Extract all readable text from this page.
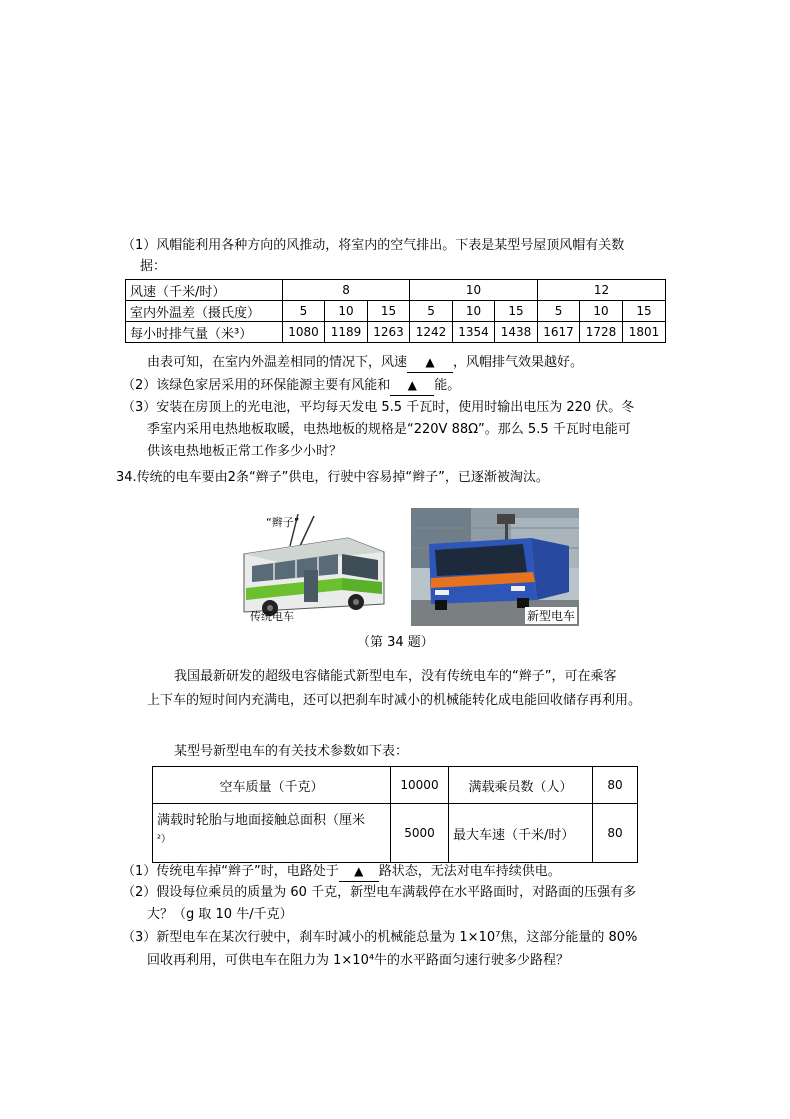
（1）风帽能利用各种方向的风推动，将室内的空气排出。下表是某型号屋顶风帽有关数
据：
风速（千米/时）	8			10			12		
室内外温差（摄氏度）	5	10	15	5	10	15	5	10	15
每小时排气量（米³）	1080	1189	1263	1242	1354	1438	1617	1728	1801
由表可知，在室内外温差相同的情况下，风速 ▲ ，风帽排气效果越好。
（2）该绿色家居采用的环保能源主要有风能和 ▲ 能。
（3）安装在房顶上的光电池，平均每天发电 5.5 千瓦时，使用时输出电压为 220 伏。冬
季室内采用电热地板取暖，电热地板的规格是“220V 88Ω”。那么 5.5 千瓦时电能可
供该电热地板正常工作多少小时？
34.传统的电车要由2条“辫子”供电，行驶中容易掉“辫子”，已逐渐被淘汰。
“辫子”
传统电车	新型电车
（第 34 题）
我国最新研发的超级电容储能式新型电车，没有传统电车的“辫子”，可在乘客
上下车的短时间内充满电，还可以把刹车时减小的机械能转化成电能回收储存再利用。
某型号新型电车的有关技术参数如下表：
空车质量（千克）	10000	满载乘员数（人）	80

满载时轮胎与地面接触总面积（厘米
²）	5000	最大车速（千米/时）	80
（1）传统电车掉“辫子”时，电路处于 ▲ 路状态，无法对电车持续供电。
（2）假设每位乘员的质量为 60 千克，新型电车满载停在水平路面时，对路面的压强有多
大？（g 取 10 牛/千克）
（3）新型电车在某次行驶中，刹车时减小的机械能总量为 1×10⁷焦，这部分能量的 80%
回收再利用，可供电车在阻力为 1×10⁴牛的水平路面匀速行驶多少路程？
